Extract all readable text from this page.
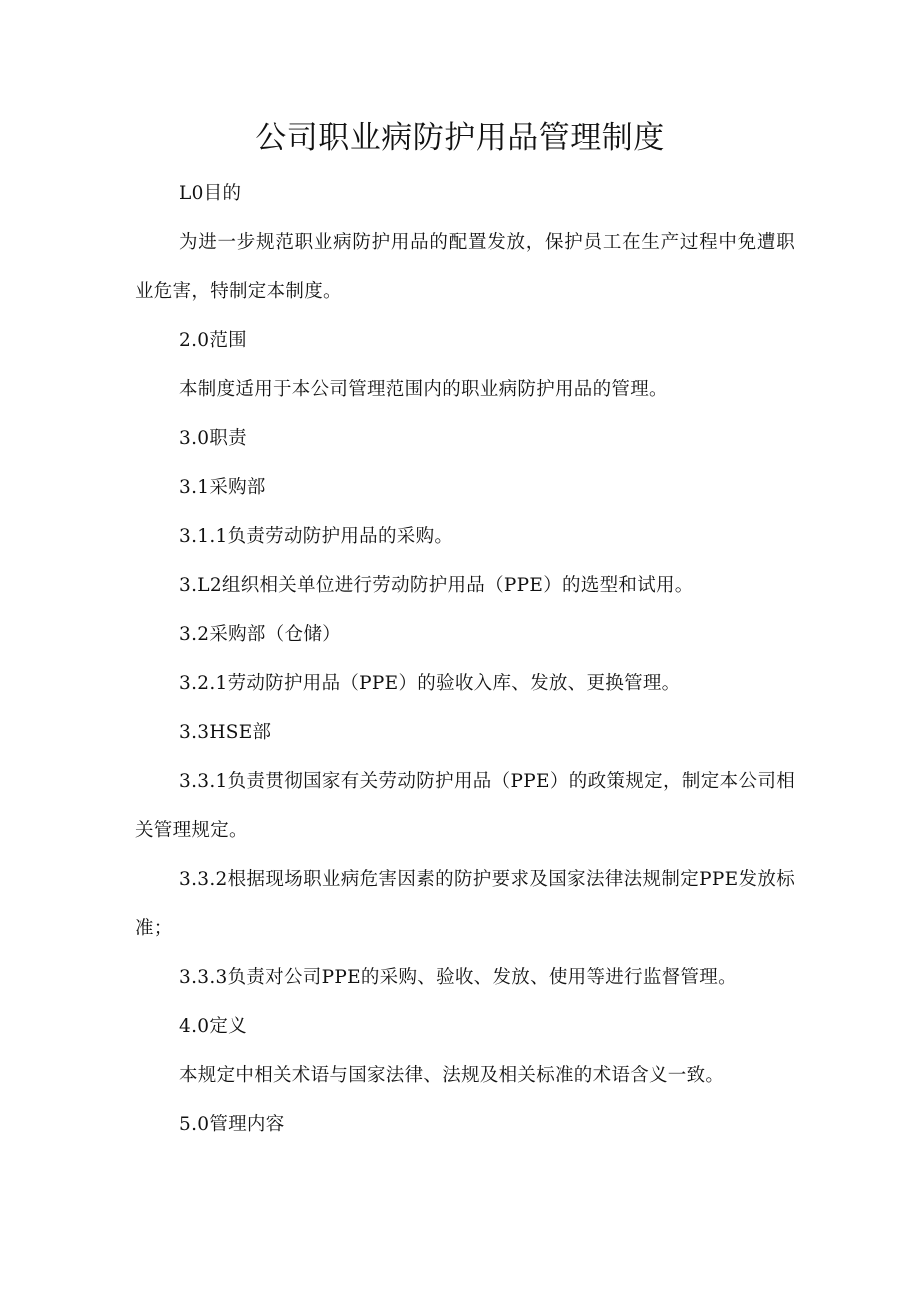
公司职业病防护用品管理制度

L0目的

为进一步规范职业病防护用品的配置发放，保护员工在生产过程中免遭职业危害，特制定本制度。

2.0范围

本制度适用于本公司管理范围内的职业病防护用品的管理。

3.0职责

3.1采购部

3.1.1负责劳动防护用品的采购。

3.L2组织相关单位进行劳动防护用品（PPE）的选型和试用。

3.2采购部（仓储）

3.2.1劳动防护用品（PPE）的验收入库、发放、更换管理。

3.3HSE部

3.3.1负责贯彻国家有关劳动防护用品（PPE）的政策规定，制定本公司相关管理规定。

3.3.2根据现场职业病危害因素的防护要求及国家法律法规制定PPE发放标准；

3.3.3负责对公司PPE的采购、验收、发放、使用等进行监督管理。

4.0定义

本规定中相关术语与国家法律、法规及相关标准的术语含义一致。

5.0管理内容
